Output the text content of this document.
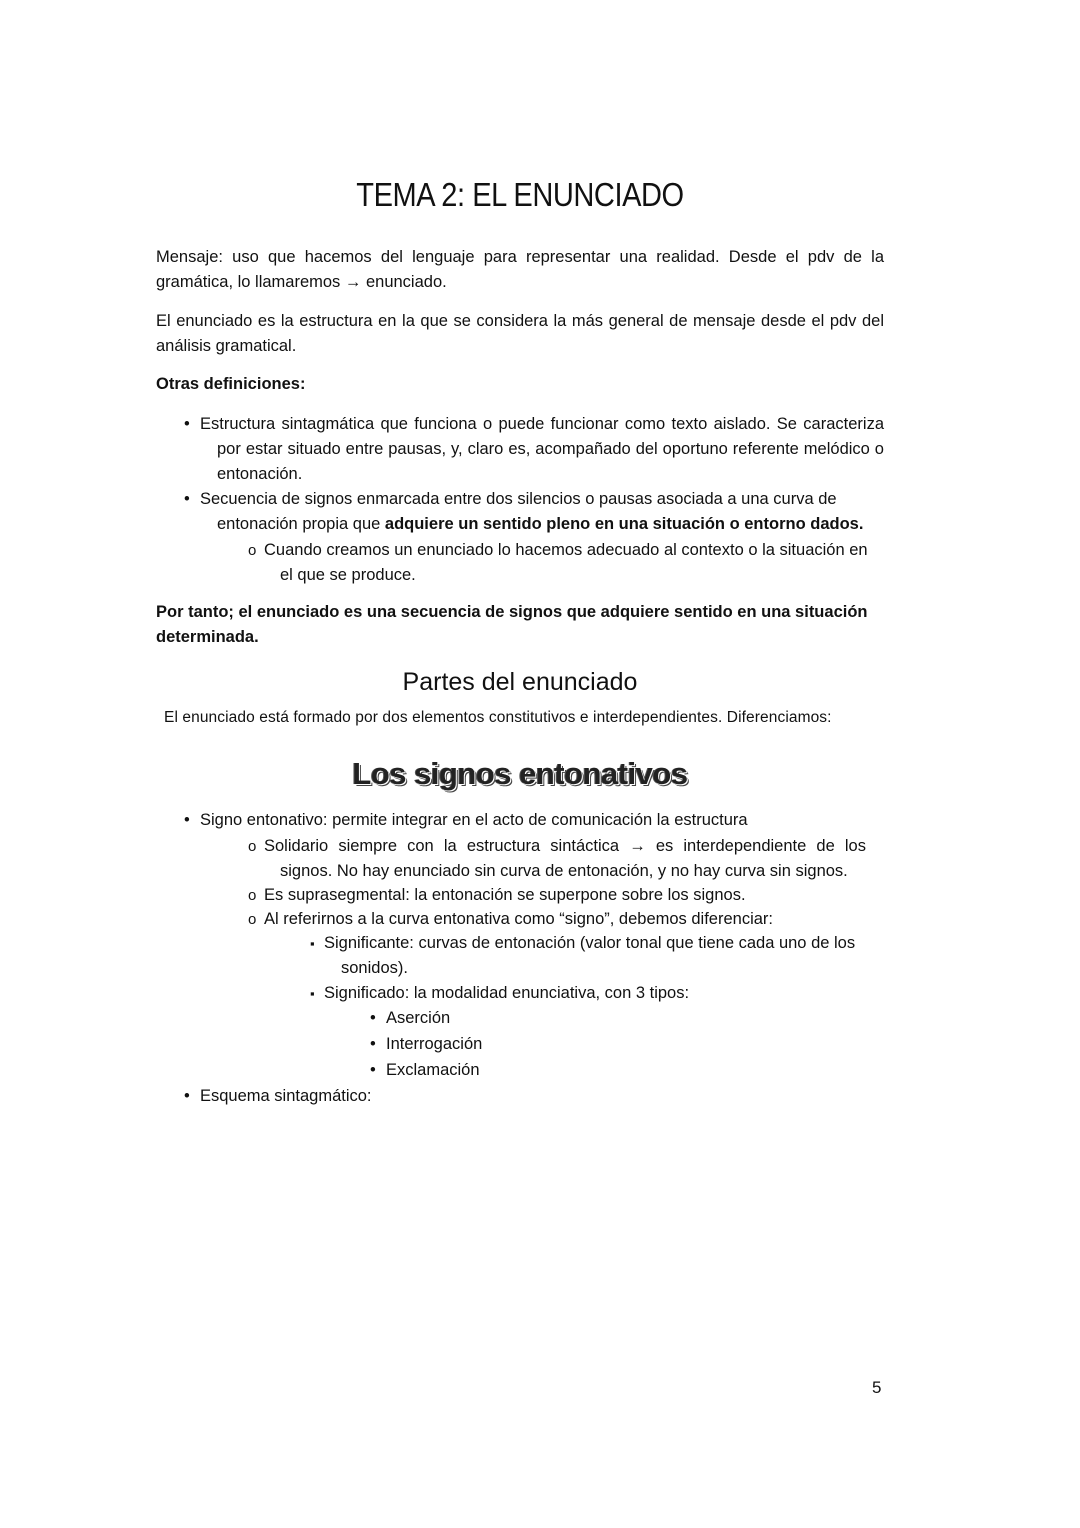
TEMA 2: EL ENUNCIADO
Mensaje: uso que hacemos del lenguaje para representar una realidad. Desde el pdv de la gramática, lo llamaremos → enunciado.
El enunciado es la estructura en la que se considera la más general de mensaje desde el pdv del análisis gramatical.
Otras definiciones:
• Estructura sintagmática que funciona o puede funcionar como texto aislado. Se caracteriza por estar situado entre pausas, y, claro es, acompañado del oportuno referente melódico o entonación.
• Secuencia de signos enmarcada entre dos silencios o pausas asociada a una curva de entonación propia que adquiere un sentido pleno en una situación o entorno dados.
o Cuando creamos un enunciado lo hacemos adecuado al contexto o la situación en el que se produce.
Por tanto; el enunciado es una secuencia de signos que adquiere sentido en una situación determinada.
Partes del enunciado
El enunciado está formado por dos elementos constitutivos e interdependientes. Diferenciamos:
Los signos entonativos
• Signo entonativo: permite integrar en el acto de comunicación la estructura
o Solidario siempre con la estructura sintáctica → es interdependiente de los signos. No hay enunciado sin curva de entonación, y no hay curva sin signos.
o Es suprasegmental: la entonación se superpone sobre los signos.
o Al referirnos a la curva entonativa como “signo”, debemos diferenciar:
▪ Significante: curvas de entonación (valor tonal que tiene cada uno de los sonidos).
▪ Significado: la modalidad enunciativa, con 3 tipos:
• Aserción
• Interrogación
• Exclamación
• Esquema sintagmático:
5
